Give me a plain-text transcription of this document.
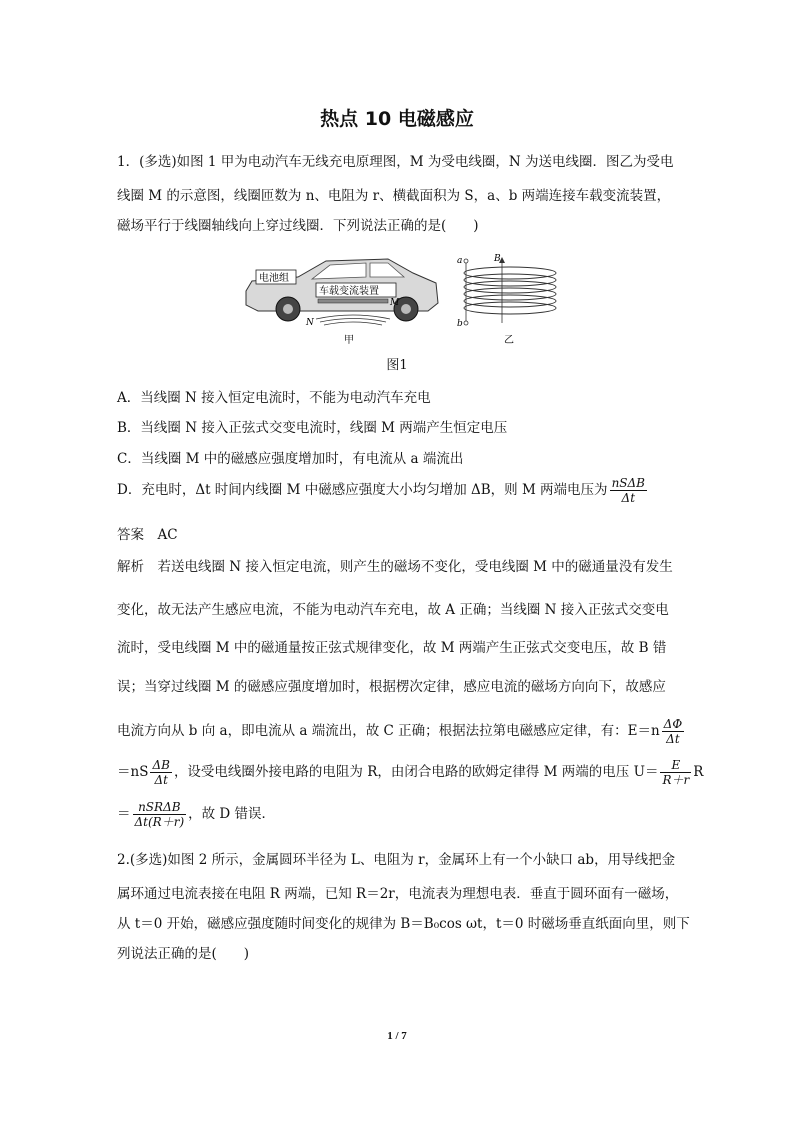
热点 10 电磁感应
1．(多选)如图 1 甲为电动汽车无线充电原理图，M 为受电线圈，N 为送电线圈．图乙为受电
线圈 M 的示意图，线圈匝数为 n、电阻为 r、横截面积为 S，a、b 两端连接车载变流装置，
磁场平行于线圈轴线向上穿过线圈．下列说法正确的是(　　)
电池组
车载变流装置
M
N
甲
a
b
B
乙
图1
A．当线圈 N 接入恒定电流时，不能为电动汽车充电
B．当线圈 N 接入正弦式交变电流时，线圈 M 两端产生恒定电压
C．当线圈 M 中的磁感应强度增加时，有电流从 a 端流出
D．充电时，Δt 时间内线圈 M 中磁感应强度大小均匀增加 ΔB，则 M 两端电压为 $\frac{\text{nSΔB}}{\Delta t}$
答案　AC
解析　若送电线圈 N 接入恒定电流，则产生的磁场不变化，受电线圈 M 中的磁通量没有发生
变化，故无法产生感应电流，不能为电动汽车充电，故 A 正确；当线圈 N 接入正弦式交变电
流时，受电线圈 M 中的磁通量按正弦式规律变化，故 M 两端产生正弦式交变电压，故 B 错
误；当穿过线圈 M 的磁感应强度增加时，根据楞次定律，感应电流的磁场方向向下，故感应
电流方向从 b 向 a，即电流从 a 端流出，故 C 正确；根据法拉第电磁感应定律，有：$E=n \frac{\Delta\Phi}{\Delta t}$
$=nS \frac{\Delta B}{\Delta t}$ ，设受电线圈外接电路的电阻为 R，由闭合电路的欧姆定律得 M 两端的电压 $U= \frac{E}{R+r}$ R
＝ $\frac{\text{nSRΔB}}{\Delta t(R+r)}$ ，故 D 错误．
2.(多选)如图 2 所示，金属圆环半径为 L、电阻为 r，金属环上有一个小缺口 ab，用导线把金
属环通过电流表接在电阻 R 两端，已知 R＝2r，电流表为理想电表．垂直于圆环面有一磁场，
从 t＝0 开始，磁感应强度随时间变化的规律为 B＝B₀cos ωt，t＝0 时磁场垂直纸面向里，则下
列说法正确的是(　　)
1 / 7
